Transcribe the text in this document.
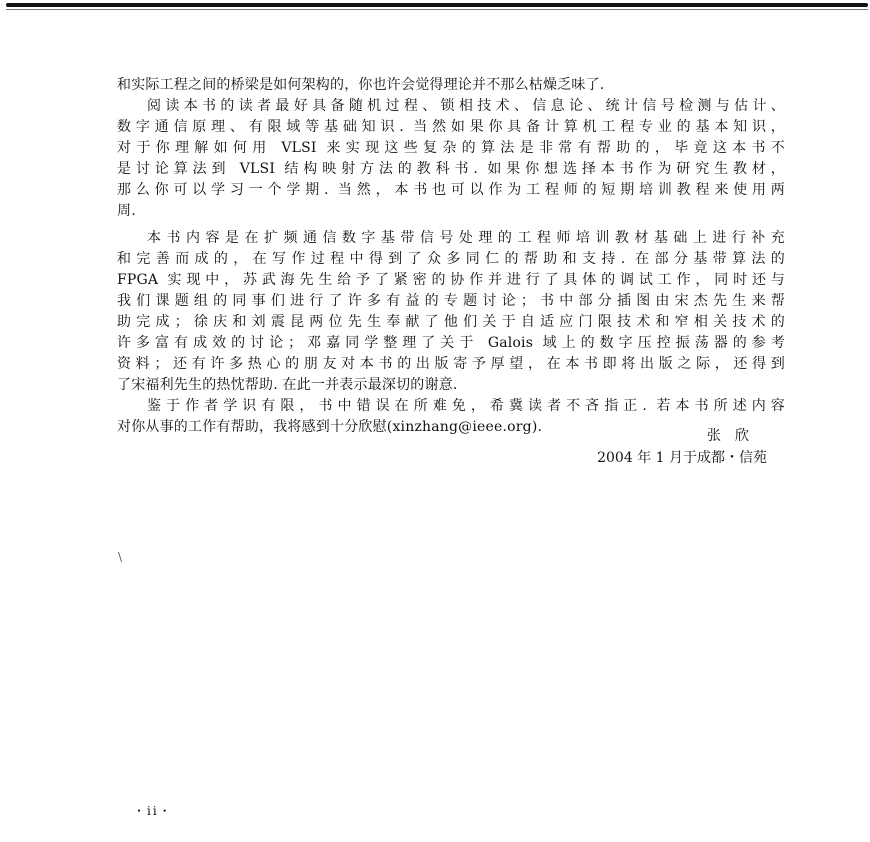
和实际工程之间的桥梁是如何架构的，你也许会觉得理论并不那么枯燥乏味了.
阅读本书的读者最好具备随机过程、锁相技术、信息论、统计信号检测与估计、
数字通信原理、有限域等基础知识. 当然如果你具备计算机工程专业的基本知识，
对于你理解如何用 VLSI 来实现这些复杂的算法是非常有帮助的，毕竟这本书不
是讨论算法到 VLSI 结构映射方法的教科书. 如果你想选择本书作为研究生教材，
那么你可以学习一个学期. 当然，本书也可以作为工程师的短期培训教程来使用两
周.
本书内容是在扩频通信数字基带信号处理的工程师培训教材基础上进行补充
和完善而成的，在写作过程中得到了众多同仁的帮助和支持. 在部分基带算法的
FPGA 实现中，苏武海先生给予了紧密的协作并进行了具体的调试工作，同时还与
我们课题组的同事们进行了许多有益的专题讨论；书中部分插图由宋杰先生来帮
助完成；徐庆和刘震昆两位先生奉献了他们关于自适应门限技术和窄相关技术的
许多富有成效的讨论；邓嘉同学整理了关于 Galois 域上的数字压控振荡器的参考
资料；还有许多热心的朋友对本书的出版寄予厚望，在本书即将出版之际，还得到
了宋福利先生的热忱帮助. 在此一并表示最深切的谢意.
鉴于作者学识有限，书中错误在所难免，希冀读者不吝指正. 若本书所述内容
对你从事的工作有帮助，我将感到十分欣慰(xinzhang@ieee.org).
张欣
2004 年 1 月于成都・信苑
\
・ii・
